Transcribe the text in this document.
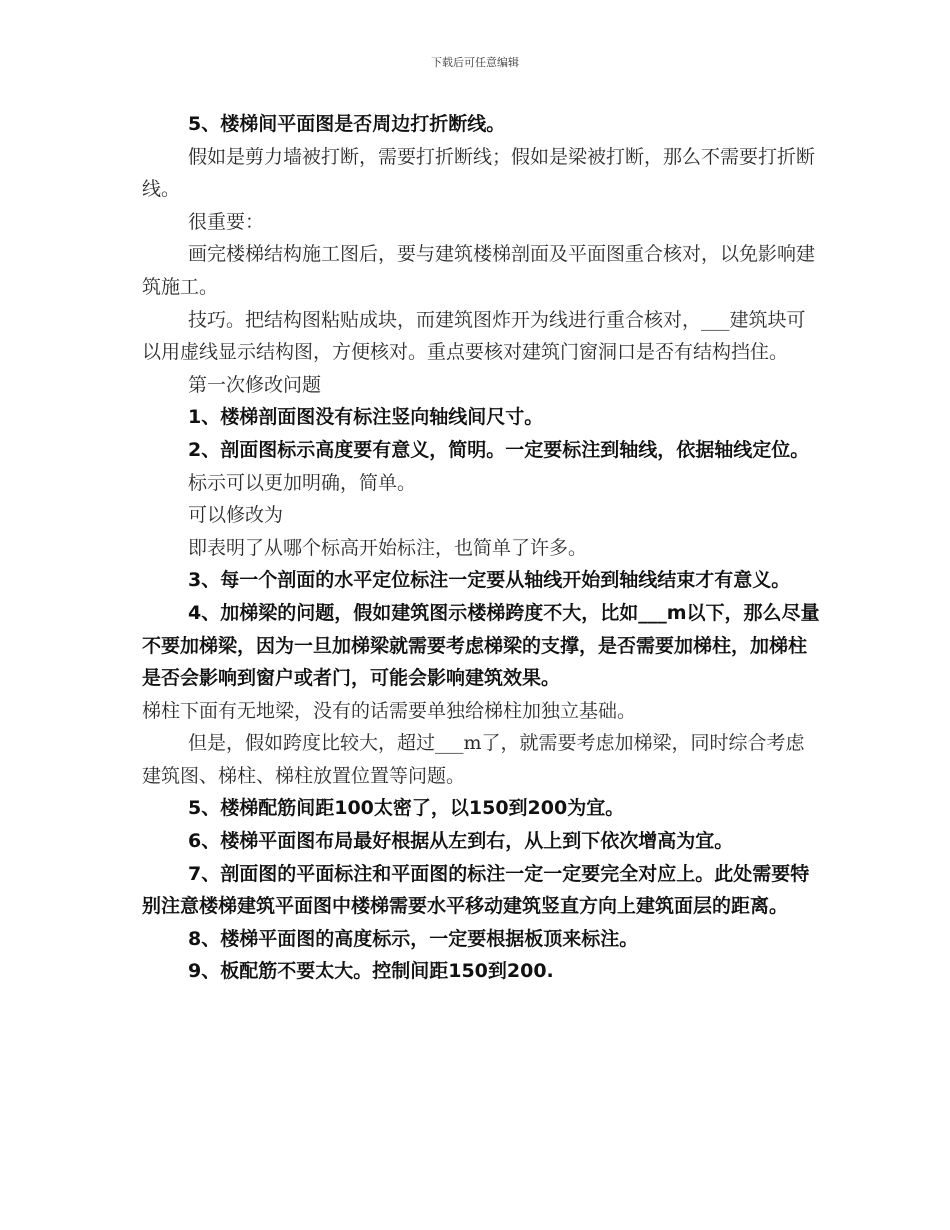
下载后可任意编辑

5、楼梯间平面图是否周边打折断线。

假如是剪力墙被打断，需要打折断线；假如是梁被打断，那么不需要打折断线。

很重要：

画完楼梯结构施工图后，要与建筑楼梯剖面及平面图重合核对，以免影响建筑施工。

技巧。把结构图粘贴成块，而建筑图炸开为线进行重合核对，___建筑块可以用虚线显示结构图，方便核对。重点要核对建筑门窗洞口是否有结构挡住。

第一次修改问题

1、楼梯剖面图没有标注竖向轴线间尺寸。

2、剖面图标示高度要有意义，简明。一定要标注到轴线，依据轴线定位。

标示可以更加明确，简单。

可以修改为

即表明了从哪个标高开始标注，也简单了许多。

3、每一个剖面的水平定位标注一定要从轴线开始到轴线结束才有意义。

4、加梯梁的问题，假如建筑图示楼梯跨度不大，比如___m以下，那么尽量不要加梯梁，因为一旦加梯梁就需要考虑梯梁的支撑，是否需要加梯柱，加梯柱是否会影响到窗户或者门，可能会影响建筑效果。

梯柱下面有无地梁，没有的话需要单独给梯柱加独立基础。

但是，假如跨度比较大，超过___m了，就需要考虑加梯梁，同时综合考虑建筑图、梯柱、梯柱放置位置等问题。

5、楼梯配筋间距100太密了，以150到200为宜。

6、楼梯平面图布局最好根据从左到右，从上到下依次增高为宜。

7、剖面图的平面标注和平面图的标注一定一定要完全对应上。此处需要特别注意楼梯建筑平面图中楼梯需要水平移动建筑竖直方向上建筑面层的距离。

8、楼梯平面图的高度标示，一定要根据板顶来标注。

9、板配筋不要太大。控制间距150到200.
